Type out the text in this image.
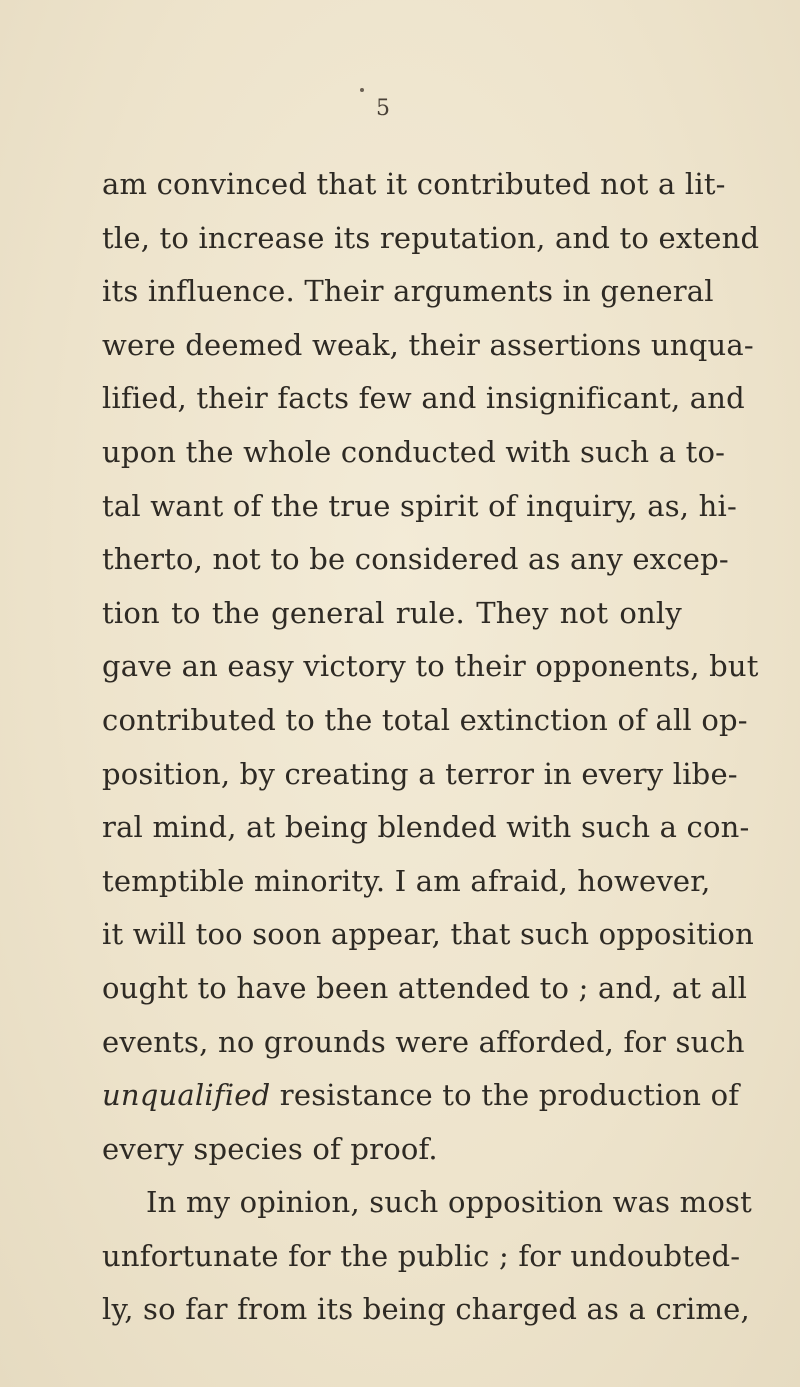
5
am convinced that it contributed not a lit-
tle, to increase its reputation, and to extend
its influence. Their arguments in general
were deemed weak, their assertions unqua-
lified, their facts few and insignificant, and
upon the whole conducted with such a to-
tal want of the true spirit of inquiry, as, hi-
therto, not to be considered as any excep-
tion to the general rule. They not only
gave an easy victory to their opponents, but
contributed to the total extinction of all op-
position, by creating a terror in every libe-
ral mind, at being blended with such a con-
temptible minority. I am afraid, however,
it will too soon appear, that such opposition
ought to have been attended to ; and, at all
events, no grounds were afforded, for such
unqualified resistance to the production of
every species of proof.
In my opinion, such opposition was most
unfortunate for the public ; for undoubted-
ly, so far from its being charged as a crime,
